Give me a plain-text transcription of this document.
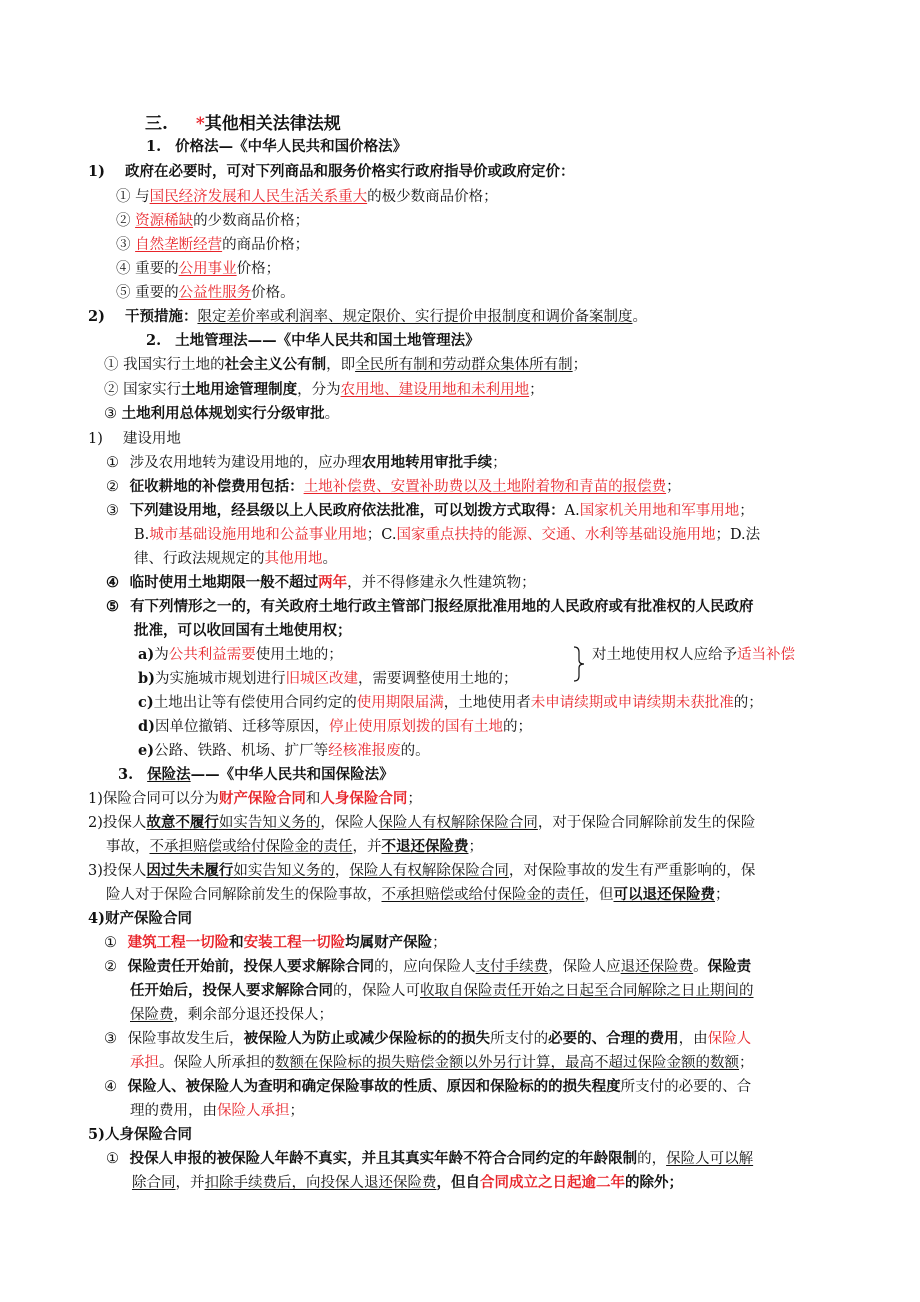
三. *其他相关法律法规
1. 价格法—《中华人民共和国价格法》
1) 政府在必要时，可对下列商品和服务价格实行政府指导价或政府定价：
① 与国民经济发展和人民生活关系重大的极少数商品价格；
② 资源稀缺的少数商品价格；
③ 自然垄断经营的商品价格；
④ 重要的公用事业价格；
⑤ 重要的公益性服务价格。
2) 干预措施：限定差价率或利润率、规定限价、实行提价申报制度和调价备案制度。
2. 土地管理法——《中华人民共和国土地管理法》
① 我国实行土地的社会主义公有制，即全民所有制和劳动群众集体所有制；
② 国家实行土地用途管理制度，分为农用地、建设用地和未利用地；
③ 土地利用总体规划实行分级审批。
1) 建设用地
① 涉及农用地转为建设用地的，应办理农用地转用审批手续；
② 征收耕地的补偿费用包括：土地补偿费、安置补助费以及土地附着物和青苗的报偿费；
③ 下列建设用地，经县级以上人民政府依法批准，可以划拨方式取得：A.国家机关用地和军事用地；
B.城市基础设施用地和公益事业用地；C.国家重点扶持的能源、交通、水利等基础设施用地；D.法
律、行政法规规定的其他用地。
④ 临时使用土地期限一般不超过两年，并不得修建永久性建筑物；
⑤ 有下列情形之一的，有关政府土地行政主管部门报经原批准用地的人民政府或有批准权的人民政府
批准，可以收回国有土地使用权；
a)为公共利益需要使用土地的；	对土地使用权人应给予适当补偿
b)为实施城市规划进行旧城区改建，需要调整使用土地的；
c)土地出让等有偿使用合同约定的使用期限届满，土地使用者未申请续期或申请续期未获批准的；
d)因单位撤销、迁移等原因，停止使用原划拨的国有土地的；
e)公路、铁路、机场、扩厂等经核准报废的。
3. 保险法——《中华人民共和国保险法》
1)保险合同可以分为财产保险合同和人身保险合同；
2)投保人故意不履行如实告知义务的，保险人保险人有权解除保险合同，对于保险合同解除前发生的保险
事故，不承担赔偿或给付保险金的责任，并不退还保险费；
3)投保人因过失未履行如实告知义务的，保险人有权解除保险合同，对保险事故的发生有严重影响的，保
险人对于保险合同解除前发生的保险事故，不承担赔偿或给付保险金的责任，但可以退还保险费；
4)财产保险合同
① 建筑工程一切险和安装工程一切险均属财产保险；
② 保险责任开始前，投保人要求解除合同的，应向保险人支付手续费，保险人应退还保险费。保险责
任开始后，投保人要求解除合同的，保险人可收取自保险责任开始之日起至合同解除之日止期间的
保险费，剩余部分退还投保人；
③ 保险事故发生后，被保险人为防止或减少保险标的的损失所支付的必要的、合理的费用，由保险人
承担。保险人所承担的数额在保险标的损失赔偿金额以外另行计算，最高不超过保险金额的数额；
④ 保险人、被保险人为查明和确定保险事故的性质、原因和保险标的的损失程度所支付的必要的、合
理的费用，由保险人承担；
5)人身保险合同
① 投保人申报的被保险人年龄不真实，并且其真实年龄不符合合同约定的年龄限制的，保险人可以解
除合同，并扣除手续费后，向投保人退还保险费，但自合同成立之日起逾二年的除外；
